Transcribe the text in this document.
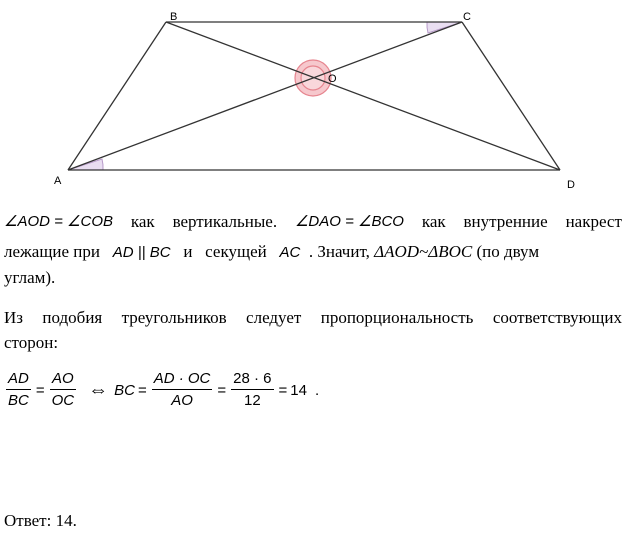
A
B	C
D
O
∠AOD = ∠COB как вертикальные. ∠DAO = ∠BCO как внутренние накрест
лежащие при AD || BC и секущей AC . Значит, ΔAOD~ΔBOC (по двум
углам).
Из подобия треугольников следует пропорциональность соответствующих
сторон:
$\frac{AD}{BC} = \frac{AO}{OC}$ ⇔ BC = $\frac{AD \cdot OC}{AO} = \frac{28 \cdot 6}{12} = 14$ .
Ответ: 14.
